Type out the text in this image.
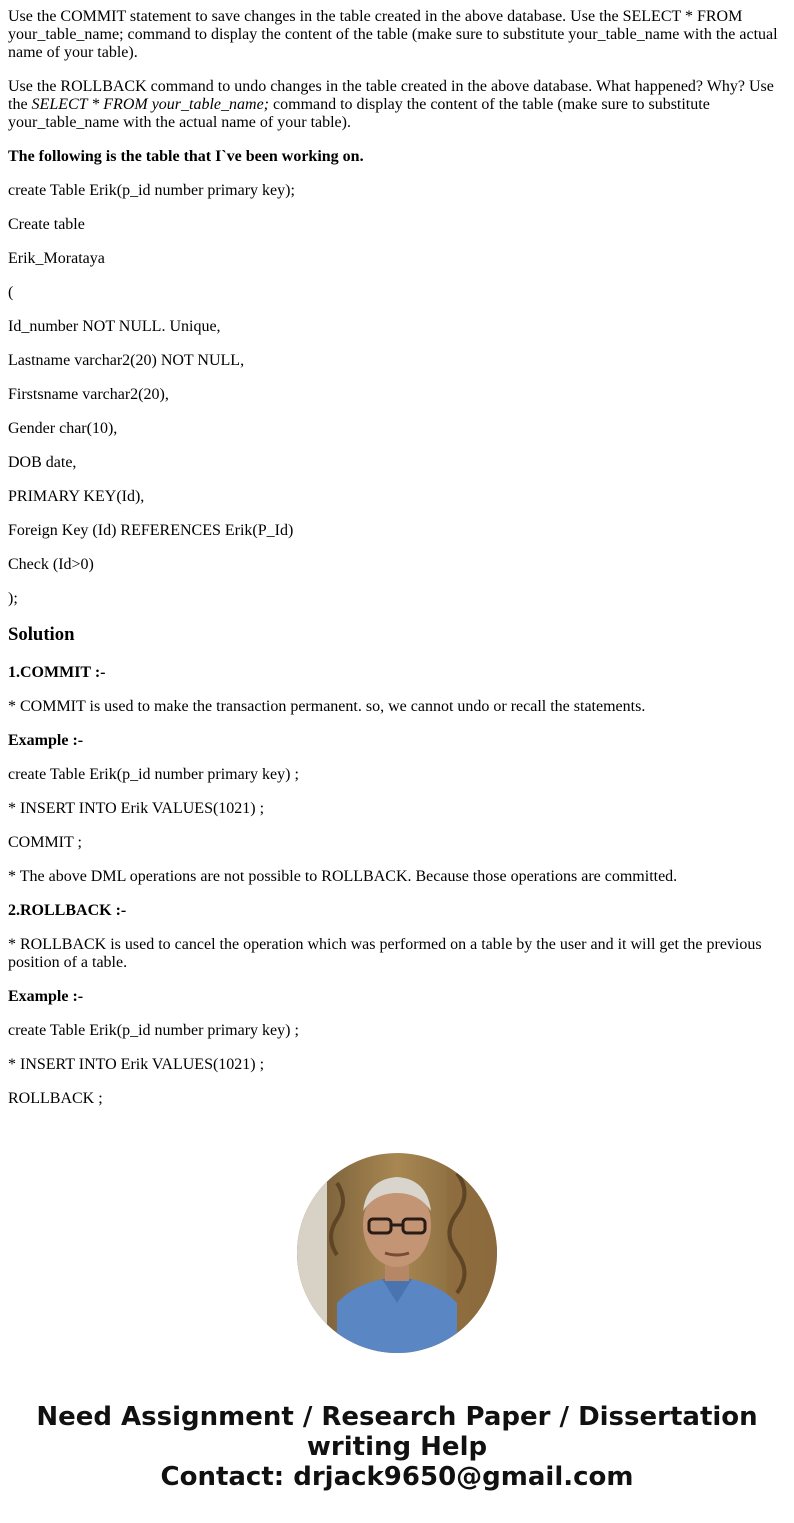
Use the COMMIT statement to save changes in the table created in the above database. Use the SELECT * FROM your_table_name; command to display the content of the table (make sure to substitute your_table_name with the actual name of your table).

Use the ROLLBACK command to undo changes in the table created in the above database. What happened? Why? Use the SELECT * FROM your_table_name; command to display the content of the table (make sure to substitute your_table_name with the actual name of your table).

The following is the table that I`ve been working on.

create Table Erik(p_id number primary key);

Create table

Erik_Morataya

(

Id_number NOT NULL. Unique,

Lastname varchar2(20) NOT NULL,

Firstsname varchar2(20),

Gender char(10),

DOB date,

PRIMARY KEY(Id),

Foreign Key (Id) REFERENCES Erik(P_Id)

Check (Id>0)

);

Solution

1.COMMIT :-

* COMMIT is used to make the transaction permanent. so, we cannot undo or recall the statements.

Example :-

create Table Erik(p_id number primary key) ;

* INSERT INTO Erik VALUES(1021) ;

COMMIT ;

* The above DML operations are not possible to ROLLBACK. Because those operations are committed.

2.ROLLBACK :-

* ROLLBACK is used to cancel the operation which was performed on a table by the user and it will get the previous position of a table.

Example :-

create Table Erik(p_id number primary key) ;

* INSERT INTO Erik VALUES(1021) ;

ROLLBACK ;

Need Assignment / Research Paper / Dissertation
writing Help
Contact: drjack9650@gmail.com
